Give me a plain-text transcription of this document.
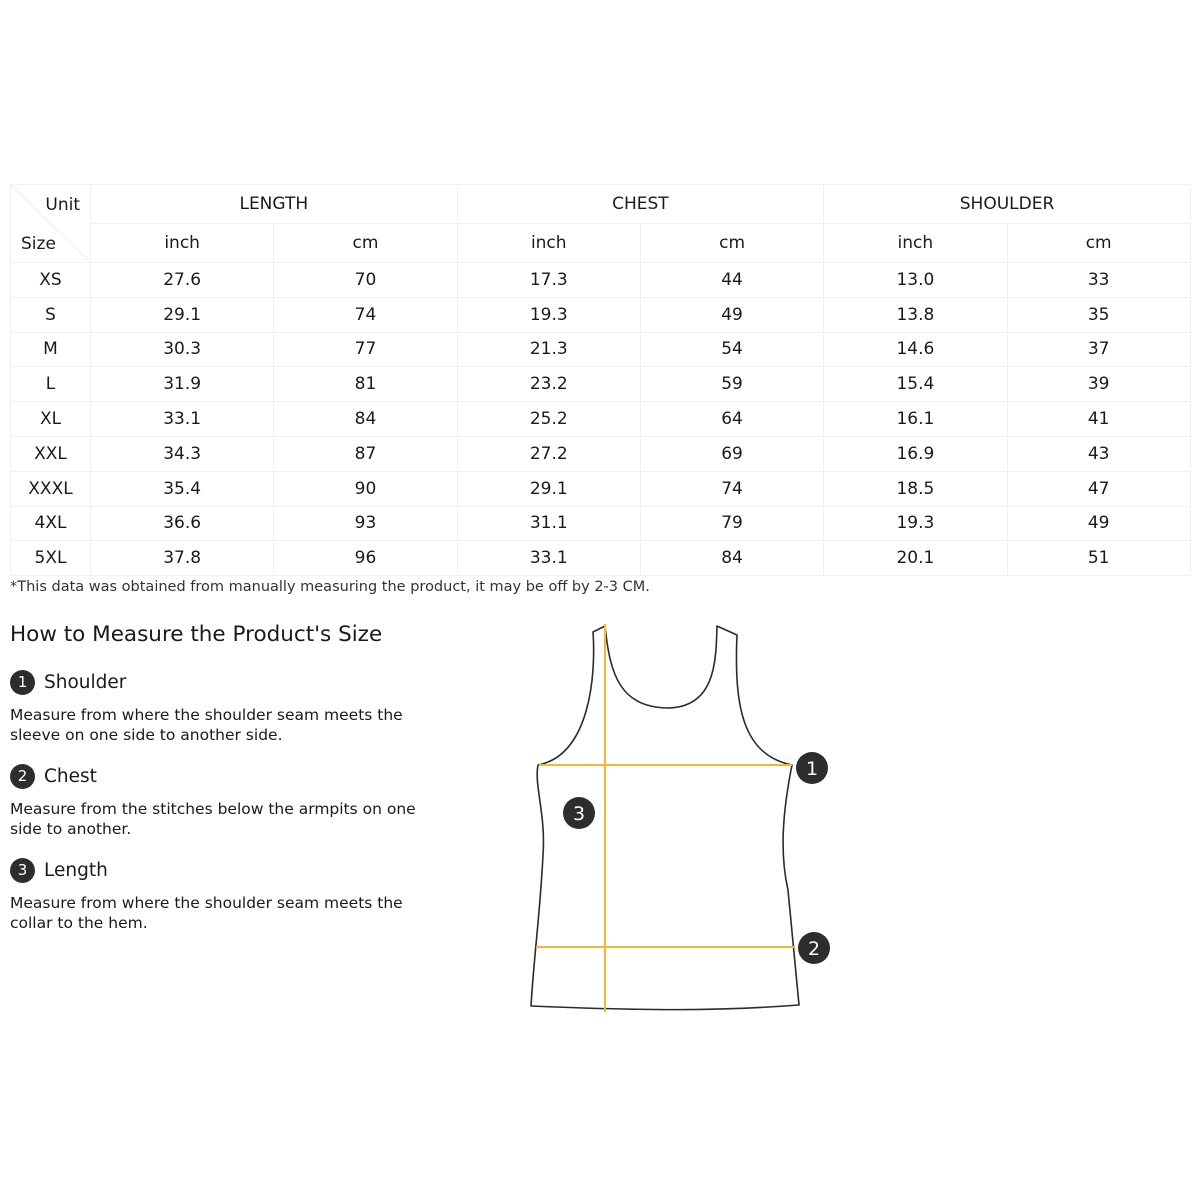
Unit
Size	LENGTH		CHEST		SHOULDER	
	inch	cm	inch	cm	inch	cm
XS	27.6	70	17.3	44	13.0	33
S	29.1	74	19.3	49	13.8	35
M	30.3	77	21.3	54	14.6	37
L	31.9	81	23.2	59	15.4	39
XL	33.1	84	25.2	64	16.1	41
XXL	34.3	87	27.2	69	16.9	43
XXXL	35.4	90	29.1	74	18.5	47
4XL	36.6	93	31.1	79	19.3	49
5XL	37.8	96	33.1	84	20.1	51
*This data was obtained from manually measuring the product, it may be off by 2-3 CM.
How to Measure the Product's Size
1 Shoulder
Measure from where the shoulder seam meets the
sleeve on one side to another side.
2 Chest
Measure from the stitches below the armpits on one
side to another.
3 Length
Measure from where the shoulder seam meets the
collar to the hem.
1
2
3
